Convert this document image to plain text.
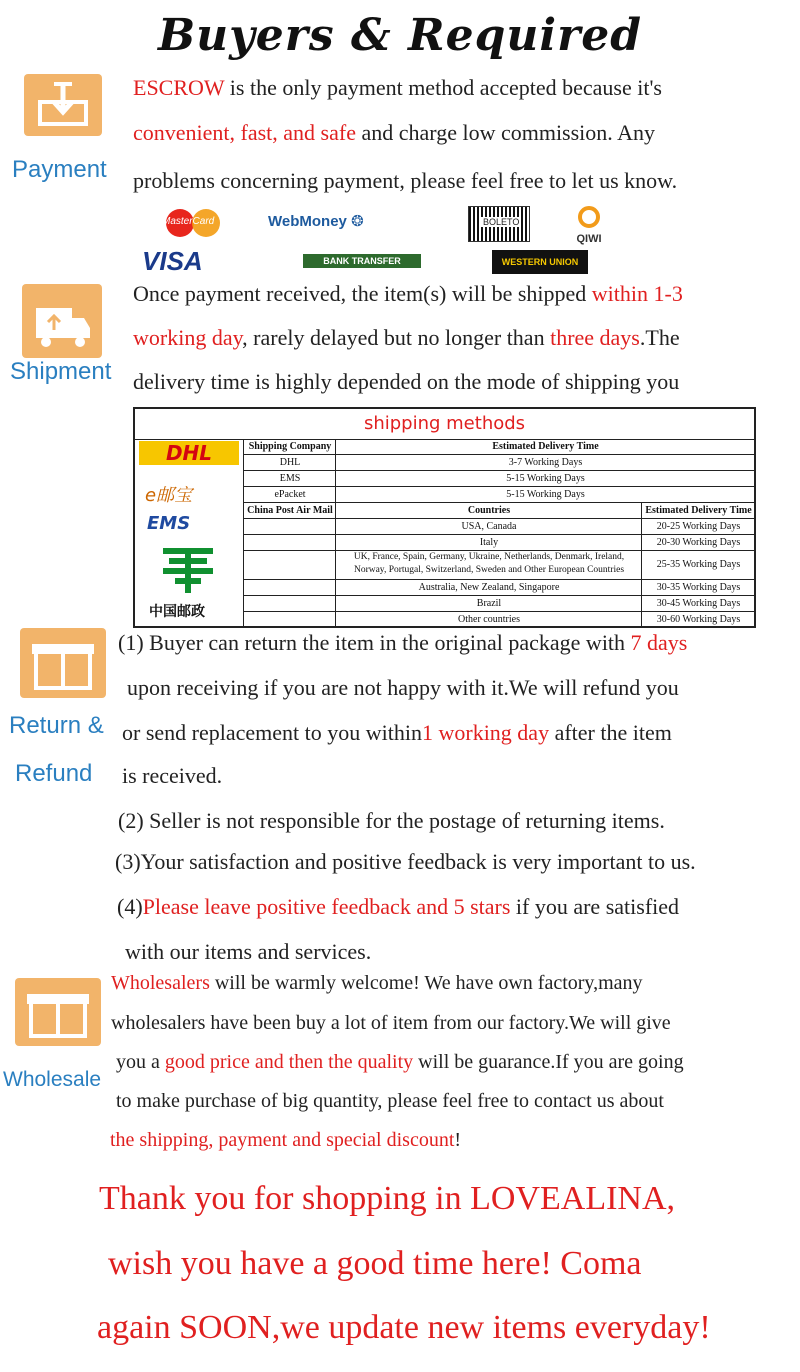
Buyers & Required
Payment
ESCROW is the only payment method accepted because it's
convenient, fast, and safe and charge low commission. Any
problems concerning payment, please feel free to let us know.
MasterCard	WebMoney ❂	BOLETO
QIWI
VISA	BANK TRANSFER	WESTERN UNION
Shipment
Once payment received, the item(s) will be shipped within 1-3
working day, rarely delayed but no longer than three days.The
delivery time is highly depended on the mode of shipping you
shipping methods
DHL
e邮宝
EMS
中国邮政
Shipping Company	Estimated Delivery Time
DHL	3-7 Working Days
EMS	5-15 Working Days
ePacket	5-15 Working Days
China Post Air Mail	Countries	Estimated Delivery Time
USA, Canada	20-25 Working Days
Italy	20-30 Working Days
UK, France, Spain, Germany, Ukraine, Netherlands, Denmark, Ireland,
Norway, Portugal, Switzerland, Sweden and Other European Countries	25-35 Working Days
Australia, New Zealand, Singapore	30-35 Working Days
Brazil	30-45 Working Days
Other countries	30-60 Working Days
Return &
Refund
(1) Buyer can return the item in the original package with 7 days
upon receiving if you are not happy with it.We will refund you
or send replacement to you within1 working day after the item
is received.
(2) Seller is not responsible for the postage of returning items.
(3)Your satisfaction and positive feedback is very important to us.
(4)Please leave positive feedback and 5 stars if you are satisfied
with our items and services.
Wholesale
Wholesalers will be warmly welcome! We have own factory,many
wholesalers have been buy a lot of item from our factory.We will give
you a good price and then the quality will be guarance.If you are going
to make purchase of big quantity, please feel free to contact us about
the shipping, payment and special discount!
Thank you for shopping in LOVEALINA,
wish you have a good time here! Coma
again SOON,we update new items everyday!
